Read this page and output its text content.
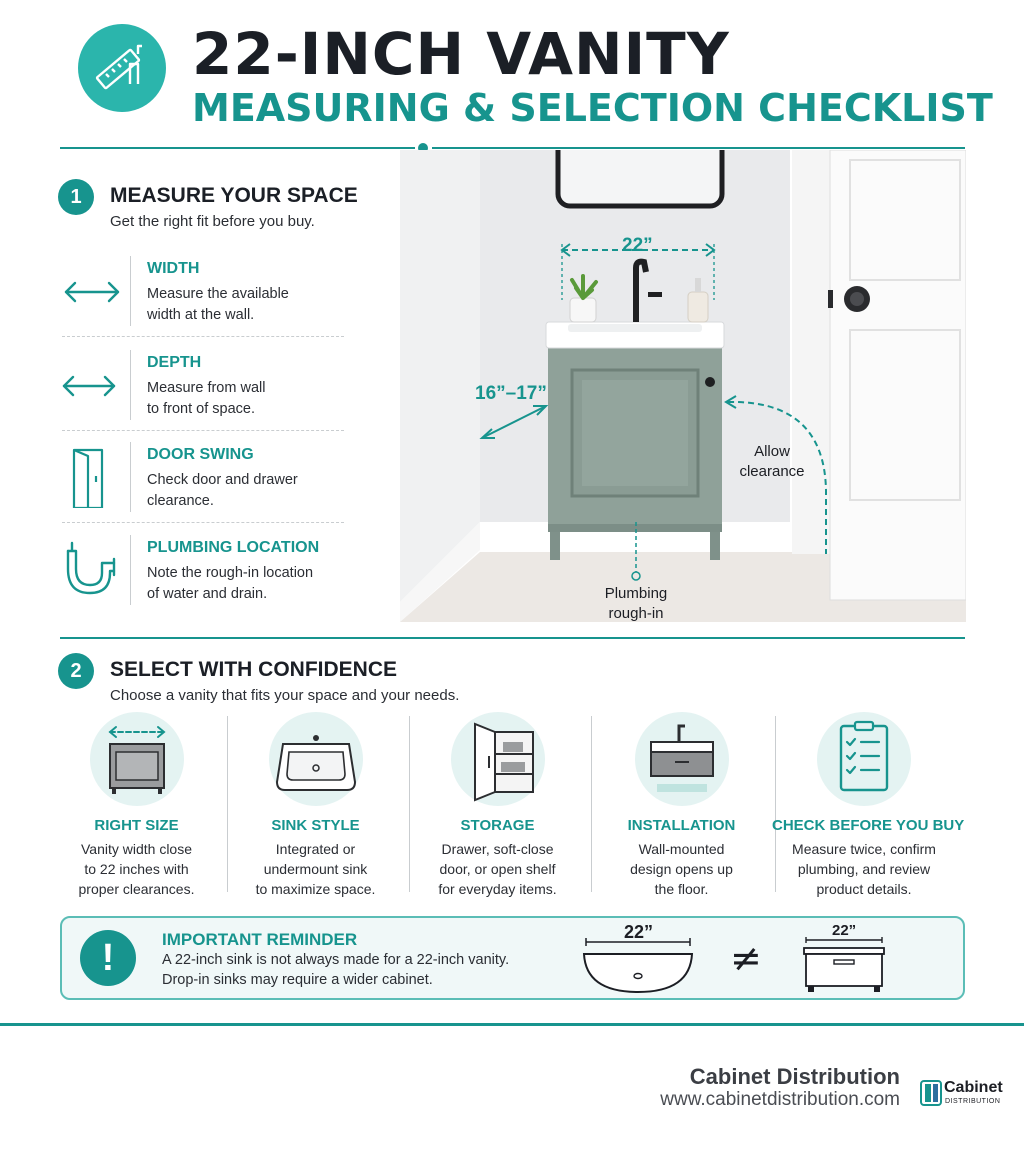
22-INCH VANITY
MEASURING & SELECTION CHECKLIST
1	MEASURE YOUR SPACE
Get the right fit before you buy.
WIDTH
Measure the available
width at the wall.
DEPTH
Measure from wall
to front of space.
DOOR SWING
Check door and drawer
clearance.
PLUMBING LOCATION
Note the rough-in location
of water and drain.
22”
16”–17”
Allow
clearance
Plumbing
rough-in
2	SELECT WITH CONFIDENCE
Choose a vanity that fits your space and your needs.
RIGHT SIZE
Vanity width close
to 22 inches with
proper clearances.
SINK STYLE
Integrated or
undermount sink
to maximize space.
STORAGE
Drawer, soft-close
door, or open shelf
for everyday items.
INSTALLATION
Wall-mounted
design opens up
the floor.
CHECK BEFORE YOU BUY
Measure twice, confirm
plumbing, and review
product details.
!	IMPORTANT REMINDER
A 22-inch sink is not always made for a 22-inch vanity.
Drop-in sinks may require a wider cabinet.
22”
≠
22”
Cabinet Distribution
www.cabinetdistribution.com
Cabinet
DISTRIBUTION
